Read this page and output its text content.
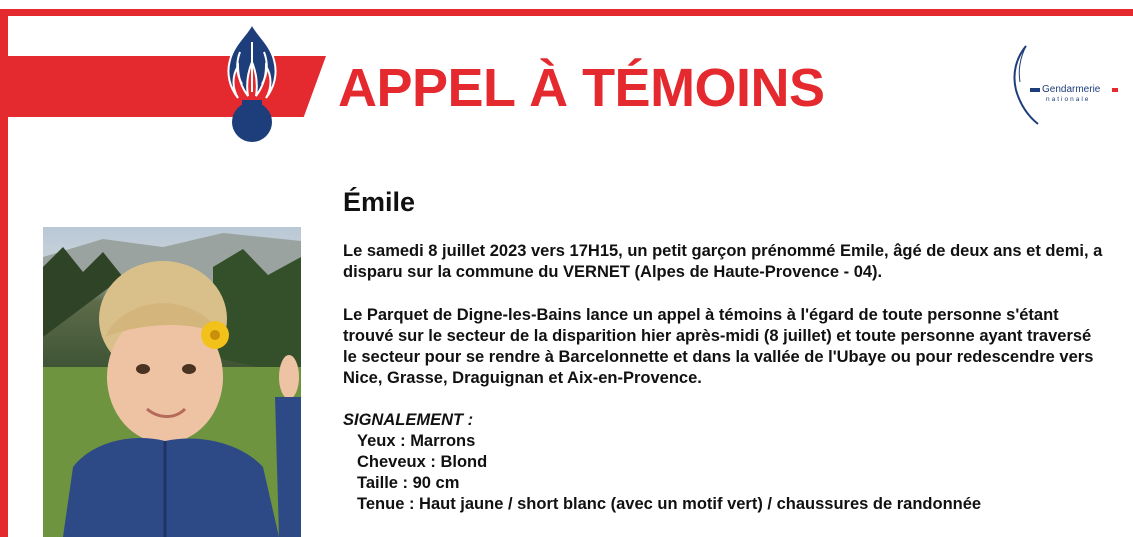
APPEL À TÉMOINS	Gendarmerie
nationale
Émile

Le samedi 8 juillet 2023 vers 17H15, un petit garçon prénommé Emile, âgé de deux ans et demi, a disparu sur la commune du VERNET (Alpes de Haute-Provence - 04).

Le Parquet de Digne-les-Bains lance un appel à témoins à l'égard de toute personne s'étant trouvé sur le secteur de la disparition hier après-midi (8 juillet) et toute personne ayant traversé le secteur pour se rendre à Barcelonnette et dans la vallée de l'Ubaye ou pour redescendre vers Nice, Grasse, Draguignan et Aix-en-Provence.

SIGNALEMENT :
Yeux : Marrons
Cheveux : Blond
Taille : 90 cm
Tenue : Haut jaune / short blanc (avec un motif vert) / chaussures de randonnée
